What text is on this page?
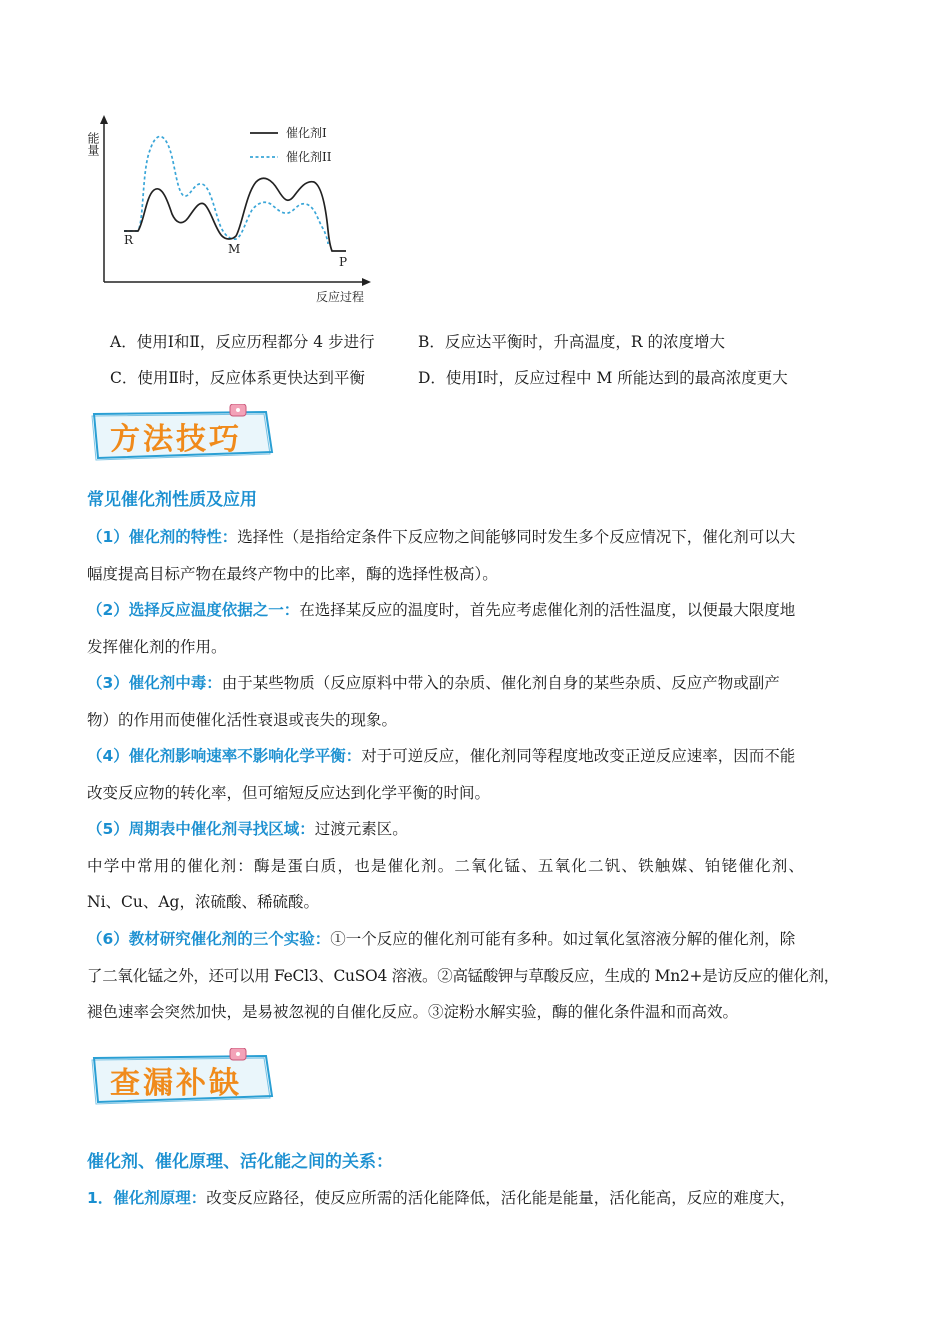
能量
反应过程
R
M
P
催化剂I
催化剂II
A．使用Ⅰ和Ⅱ，反应历程都分 4 步进行	B．反应达平衡时，升高温度，R 的浓度增大
C．使用Ⅱ时，反应体系更快达到平衡	D．使用Ⅰ时，反应过程中 M 所能达到的最高浓度更大
方法技巧
常见催化剂性质及应用
（1）催化剂的特性：选择性（是指给定条件下反应物之间能够同时发生多个反应情况下，催化剂可以大
幅度提高目标产物在最终产物中的比率，酶的选择性极高）。
（2）选择反应温度依据之一：在选择某反应的温度时，首先应考虑催化剂的活性温度，以便最大限度地
发挥催化剂的作用。
（3）催化剂中毒：由于某些物质（反应原料中带入的杂质、催化剂自身的某些杂质、反应产物或副产
物）的作用而使催化活性衰退或丧失的现象。
（4）催化剂影响速率不影响化学平衡：对于可逆反应，催化剂同等程度地改变正逆反应速率，因而不能
改变反应物的转化率，但可缩短反应达到化学平衡的时间。
（5）周期表中催化剂寻找区域：过渡元素区。
中学中常用的催化剂：酶是蛋白质，也是催化剂。二氧化锰、五氧化二钒、铁触媒、铂铑催化剂、
Ni、Cu、Ag，浓硫酸、稀硫酸。
（6）教材研究催化剂的三个实验：①一个反应的催化剂可能有多种。如过氧化氢溶液分解的催化剂，除
了二氧化锰之外，还可以用 FeCl3、CuSO4 溶液。②高锰酸钾与草酸反应，生成的 Mn2+是访反应的催化剂，
褪色速率会突然加快，是易被忽视的自催化反应。③淀粉水解实验，酶的催化条件温和而高效。
查漏补缺
催化剂、催化原理、活化能之间的关系：
1．催化剂原理：改变反应路径，使反应所需的活化能降低，活化能是能量，活化能高，反应的难度大，
